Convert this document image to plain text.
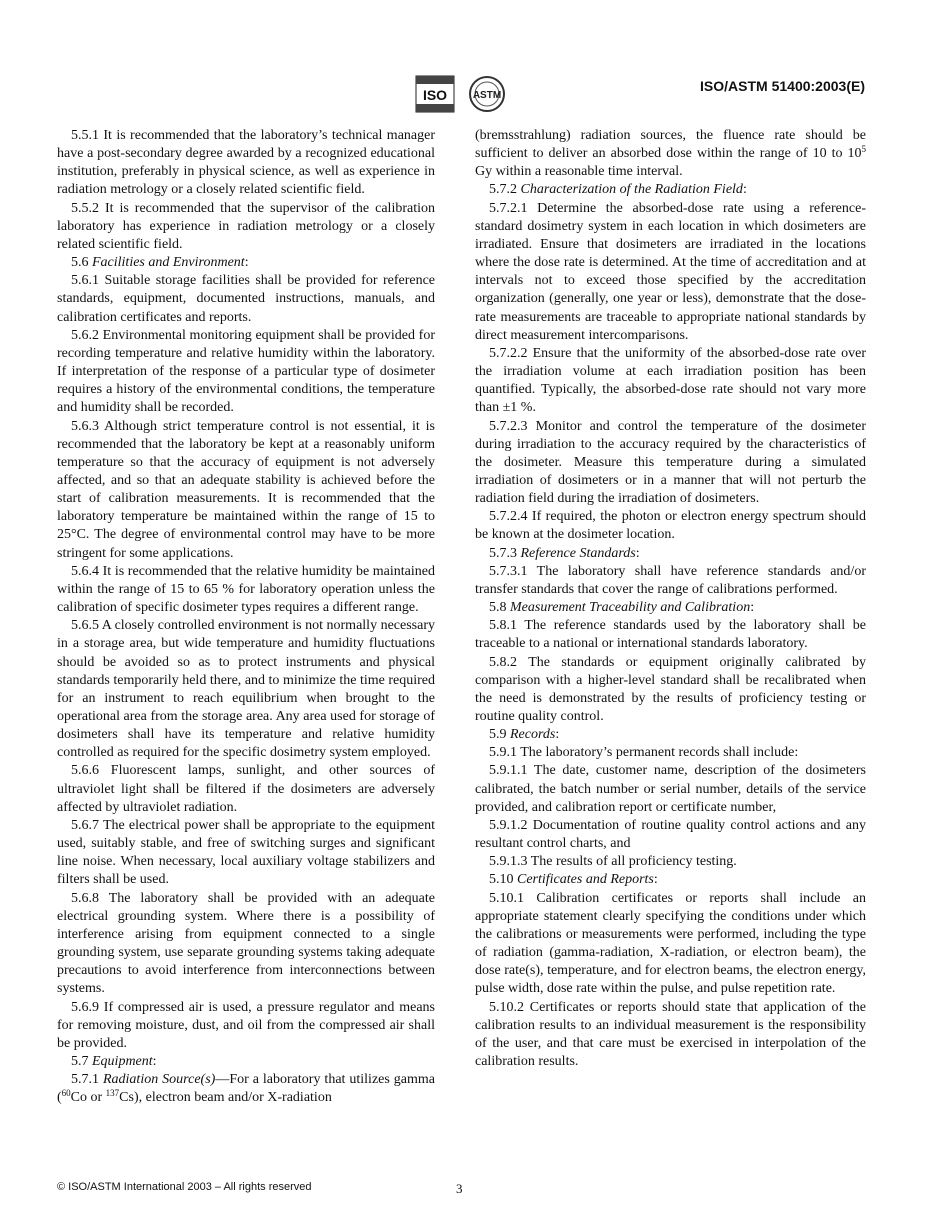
ISO	ASTM
ISO/ASTM 51400:2003(E)

5.5.1 It is recommended that the laboratory’s technical manager have a post-secondary degree awarded by a recognized educational institution, preferably in physical science, as well as experience in radiation metrology or a closely related scientific field.

5.5.2 It is recommended that the supervisor of the calibration laboratory has experience in radiation metrology or a closely related scientific field.

5.6 Facilities and Environment:

5.6.1 Suitable storage facilities shall be provided for reference standards, equipment, documented instructions, manuals, and calibration certificates and reports.

5.6.2 Environmental monitoring equipment shall be provided for recording temperature and relative humidity within the laboratory. If interpretation of the response of a particular type of dosimeter requires a history of the environmental conditions, the temperature and humidity shall be recorded.

5.6.3 Although strict temperature control is not essential, it is recommended that the laboratory be kept at a reasonably uniform temperature so that the accuracy of equipment is not adversely affected, and so that an adequate stability is achieved before the start of calibration measurements. It is recommended that the laboratory temperature be maintained within the range of 15 to 25°C. The degree of environmental control may have to be more stringent for some applications.

5.6.4 It is recommended that the relative humidity be maintained within the range of 15 to 65 % for laboratory operation unless the calibration of specific dosimeter types requires a different range.

5.6.5 A closely controlled environment is not normally necessary in a storage area, but wide temperature and humidity fluctuations should be avoided so as to protect instruments and physical standards temporarily held there, and to minimize the time required for an instrument to reach equilibrium when brought to the operational area from the storage area. Any area used for storage of dosimeters shall have its temperature and relative humidity controlled as required for the specific dosimetry system employed.

5.6.6 Fluorescent lamps, sunlight, and other sources of ultraviolet light shall be filtered if the dosimeters are adversely affected by ultraviolet radiation.

5.6.7 The electrical power shall be appropriate to the equipment used, suitably stable, and free of switching surges and significant line noise. When necessary, local auxiliary voltage stabilizers and filters shall be used.

5.6.8 The laboratory shall be provided with an adequate electrical grounding system. Where there is a possibility of interference arising from equipment connected to a single grounding system, use separate grounding systems taking adequate precautions to avoid interference from interconnections between systems.

5.6.9 If compressed air is used, a pressure regulator and means for removing moisture, dust, and oil from the compressed air shall be provided.

5.7 Equipment:

5.7.1 Radiation Source(s)—For a laboratory that utilizes gamma ($^{60}$Co or $^{137}$Cs), electron beam and/or X-radiation

(bremsstrahlung) radiation sources, the fluence rate should be sufficient to deliver an absorbed dose within the range of 10 to $10^5$ Gy within a reasonable time interval.

5.7.2 Characterization of the Radiation Field:

5.7.2.1 Determine the absorbed-dose rate using a reference-standard dosimetry system in each location in which dosimeters are irradiated. Ensure that dosimeters are irradiated in the locations where the dose rate is determined. At the time of accreditation and at intervals not to exceed those specified by the accreditation organization (generally, one year or less), demonstrate that the dose-rate measurements are traceable to appropriate national standards by direct measurement intercomparisons.

5.7.2.2 Ensure that the uniformity of the absorbed-dose rate over the irradiation volume at each irradiation position has been quantified. Typically, the absorbed-dose rate should not vary more than ±1 %.

5.7.2.3 Monitor and control the temperature of the dosimeter during irradiation to the accuracy required by the characteristics of the dosimeter. Measure this temperature during a simulated irradiation of dosimeters or in a manner that will not perturb the radiation field during the irradiation of dosimeters.

5.7.2.4 If required, the photon or electron energy spectrum should be known at the dosimeter location.

5.7.3 Reference Standards:

5.7.3.1 The laboratory shall have reference standards and/or transfer standards that cover the range of calibrations performed.

5.8 Measurement Traceability and Calibration:

5.8.1 The reference standards used by the laboratory shall be traceable to a national or international standards laboratory.

5.8.2 The standards or equipment originally calibrated by comparison with a higher-level standard shall be recalibrated when the need is demonstrated by the results of proficiency testing or routine quality control.

5.9 Records:

5.9.1 The laboratory’s permanent records shall include:

5.9.1.1 The date, customer name, description of the dosimeters calibrated, the batch number or serial number, details of the service provided, and calibration report or certificate number,

5.9.1.2 Documentation of routine quality control actions and any resultant control charts, and

5.9.1.3 The results of all proficiency testing.

5.10 Certificates and Reports:

5.10.1 Calibration certificates or reports shall include an appropriate statement clearly specifying the conditions under which the calibrations or measurements were performed, including the type of radiation (gamma-radiation, X-radiation, or electron beam), the dose rate(s), temperature, and for electron beams, the electron energy, pulse width, dose rate within the pulse, and pulse repetition rate.

5.10.2 Certificates or reports should state that application of the calibration results to an individual measurement is the responsibility of the user, and that care must be exercised in interpolation of the calibration results.

© ISO/ASTM International 2003 – All rights reserved	3
